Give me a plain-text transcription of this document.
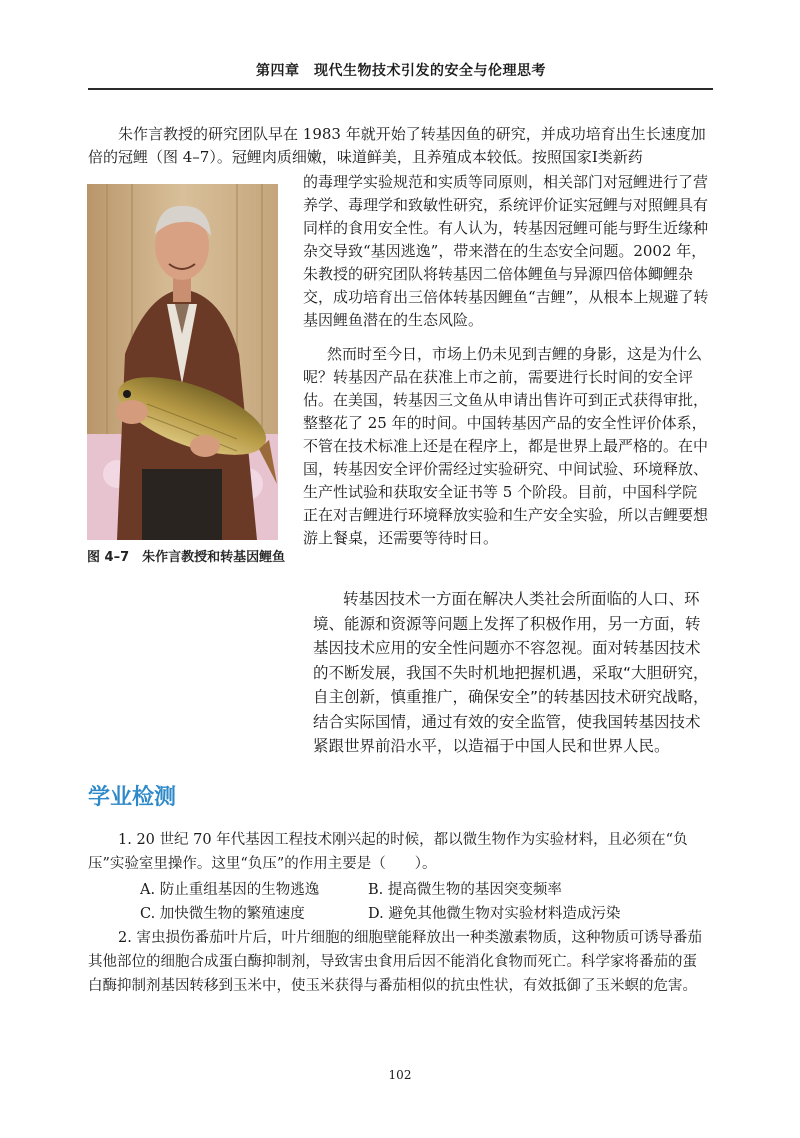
第四章　现代生物技术引发的安全与伦理思考

朱作言教授的研究团队早在 1983 年就开始了转基因鱼的研究，并成功培育出生长速度加倍的冠鲤（图 4–7）。冠鲤肉质细嫩，味道鲜美，且养殖成本较低。按照国家Ⅰ类新药

的毒理学实验规范和实质等同原则，相关部门对冠鲤进行了营养学、毒理学和致敏性研究，系统评价证实冠鲤与对照鲤具有同样的食用安全性。有人认为，转基因冠鲤可能与野生近缘种杂交导致“基因逃逸”，带来潜在的生态安全问题。2002 年，朱教授的研究团队将转基因二倍体鲤鱼与异源四倍体鲫鲤杂交，成功培育出三倍体转基因鲤鱼“吉鲤”，从根本上规避了转基因鲤鱼潜在的生态风险。

然而时至今日，市场上仍未见到吉鲤的身影，这是为什么呢？转基因产品在获准上市之前，需要进行长时间的安全评估。在美国，转基因三文鱼从申请出售许可到正式获得审批，整整花了 25 年的时间。中国转基因产品的安全性评价体系，不管在技术标准上还是在程序上，都是世界上最严格的。在中国，转基因安全评价需经过实验研究、中间试验、环境释放、生产性试验和获取安全证书等 5 个阶段。目前，中国科学院正在对吉鲤进行环境释放实验和生产安全实验，所以吉鲤要想游上餐桌，还需要等待时日。

图 4–7　朱作言教授和转基因鲤鱼

转基因技术一方面在解决人类社会所面临的人口、环境、能源和资源等问题上发挥了积极作用，另一方面，转基因技术应用的安全性问题亦不容忽视。面对转基因技术的不断发展，我国不失时机地把握机遇，采取“大胆研究，自主创新，慎重推广，确保安全”的转基因技术研究战略，结合实际国情，通过有效的安全监管，使我国转基因技术紧跟世界前沿水平，以造福于中国人民和世界人民。

学业检测

1. 20 世纪 70 年代基因工程技术刚兴起的时候，都以微生物作为实验材料，且必须在“负压”实验室里操作。这里“负压”的作用主要是（　　）。

A. 防止重组基因的生物逃逸	B. 提高微生物的基因突变频率
C. 加快微生物的繁殖速度	D. 避免其他微生物对实验材料造成污染

2. 害虫损伤番茄叶片后，叶片细胞的细胞壁能释放出一种类激素物质，这种物质可诱导番茄其他部位的细胞合成蛋白酶抑制剂，导致害虫食用后因不能消化食物而死亡。科学家将番茄的蛋白酶抑制剂基因转移到玉米中，使玉米获得与番茄相似的抗虫性状，有效抵御了玉米螟的危害。

102
